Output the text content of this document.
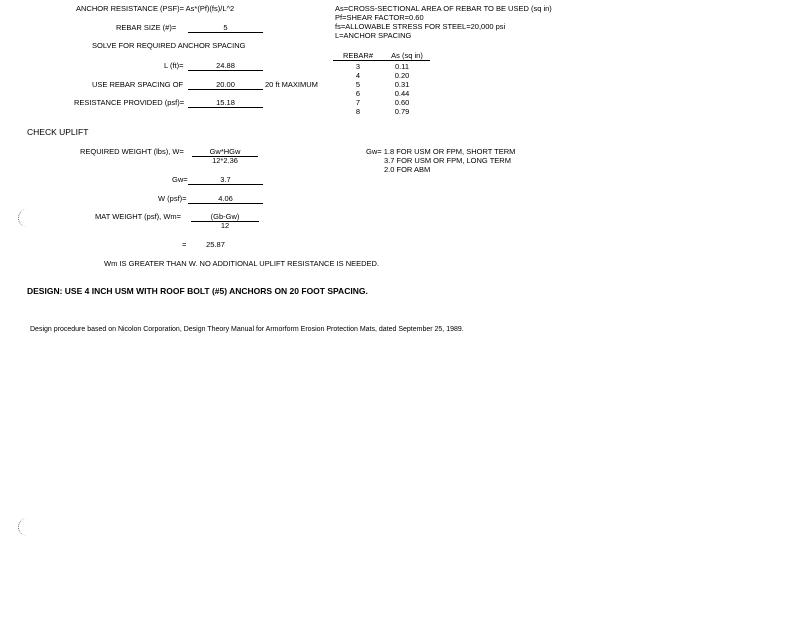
ANCHOR RESISTANCE (PSF)= As*(Pf)(fs)/L^2
REBAR SIZE (#)=	5
SOLVE FOR REQUIRED ANCHOR SPACING
L (ft)=	24.88
USE REBAR SPACING OF	20.00	20 ft MAXIMUM
RESISTANCE PROVIDED (psf)=	15.18
As=CROSS-SECTIONAL AREA OF REBAR TO BE USED (sq in)
Pf=SHEAR FACTOR=0.60
fs=ALLOWABLE STRESS FOR STEEL=20,000 psi
L=ANCHOR SPACING
REBAR#	As (sq in)
3	0.11
4	0.20
5	0.31
6	0.44
7	0.60
8	0.79
CHECK UPLIFT
REQUIRED WEIGHT (lbs), W=	Gw*HGw
12*2.36
Gw=	3.7
W (psf)=	4.06
MAT WEIGHT (psf), Wm=	(Gb-Gw)
12
=	25.87
Wm IS GREATER THAN W. NO ADDITIONAL UPLIFT RESISTANCE IS NEEDED.
Gw= 1.8 FOR USM OR FPM, SHORT TERM
3.7 FOR USM OR FPM, LONG TERM
2.0 FOR ABM
DESIGN: USE 4 INCH USM WITH ROOF BOLT (#5) ANCHORS ON 20 FOOT SPACING.
Design procedure based on Nicolon Corporation, Design Theory Manual for Armorform Erosion Protection Mats, dated September 25, 1989.
